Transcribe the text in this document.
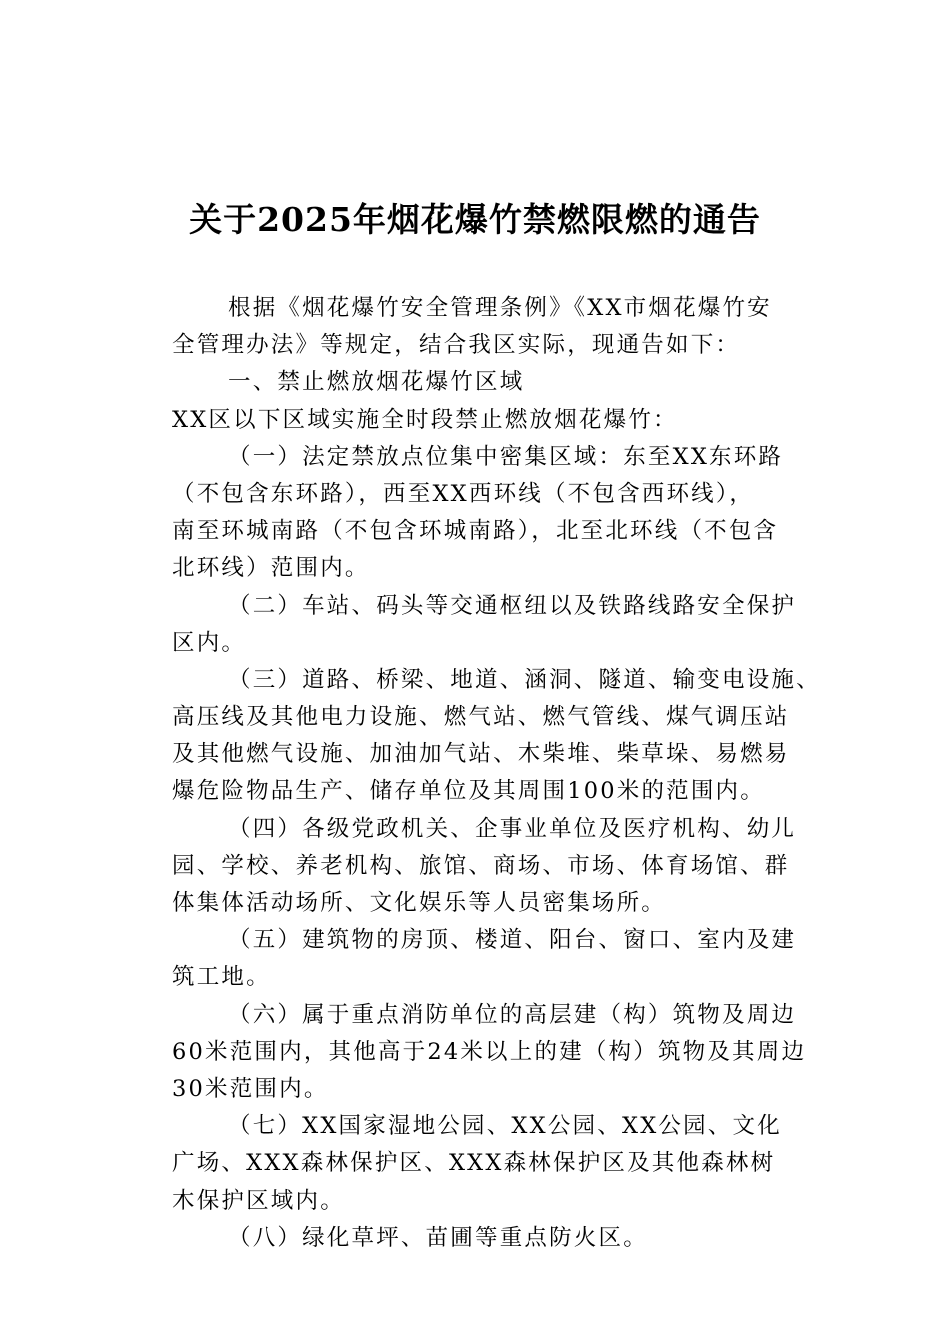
关于2025年烟花爆竹禁燃限燃的通告
根据《烟花爆竹安全管理条例》《XX市烟花爆竹安
全管理办法》等规定，结合我区实际，现通告如下：
一、禁止燃放烟花爆竹区域
XX区以下区域实施全时段禁止燃放烟花爆竹：
（一）法定禁放点位集中密集区域：东至XX东环路
（不包含东环路），西至XX西环线（不包含西环线），
南至环城南路（不包含环城南路），北至北环线（不包含
北环线）范围内。
（二）车站、码头等交通枢纽以及铁路线路安全保护
区内。
（三）道路、桥梁、地道、涵洞、隧道、输变电设施、
高压线及其他电力设施、燃气站、燃气管线、煤气调压站
及其他燃气设施、加油加气站、木柴堆、柴草垛、易燃易
爆危险物品生产、储存单位及其周围100米的范围内。
（四）各级党政机关、企事业单位及医疗机构、幼儿
园、学校、养老机构、旅馆、商场、市场、体育场馆、群
体集体活动场所、文化娱乐等人员密集场所。
（五）建筑物的房顶、楼道、阳台、窗口、室内及建
筑工地。
（六）属于重点消防单位的高层建（构）筑物及周边
60米范围内，其他高于24米以上的建（构）筑物及其周边
30米范围内。
（七）XX国家湿地公园、XX公园、XX公园、文化
广场、XXX森林保护区、XXX森林保护区及其他森林树
木保护区域内。
（八）绿化草坪、苗圃等重点防火区。
